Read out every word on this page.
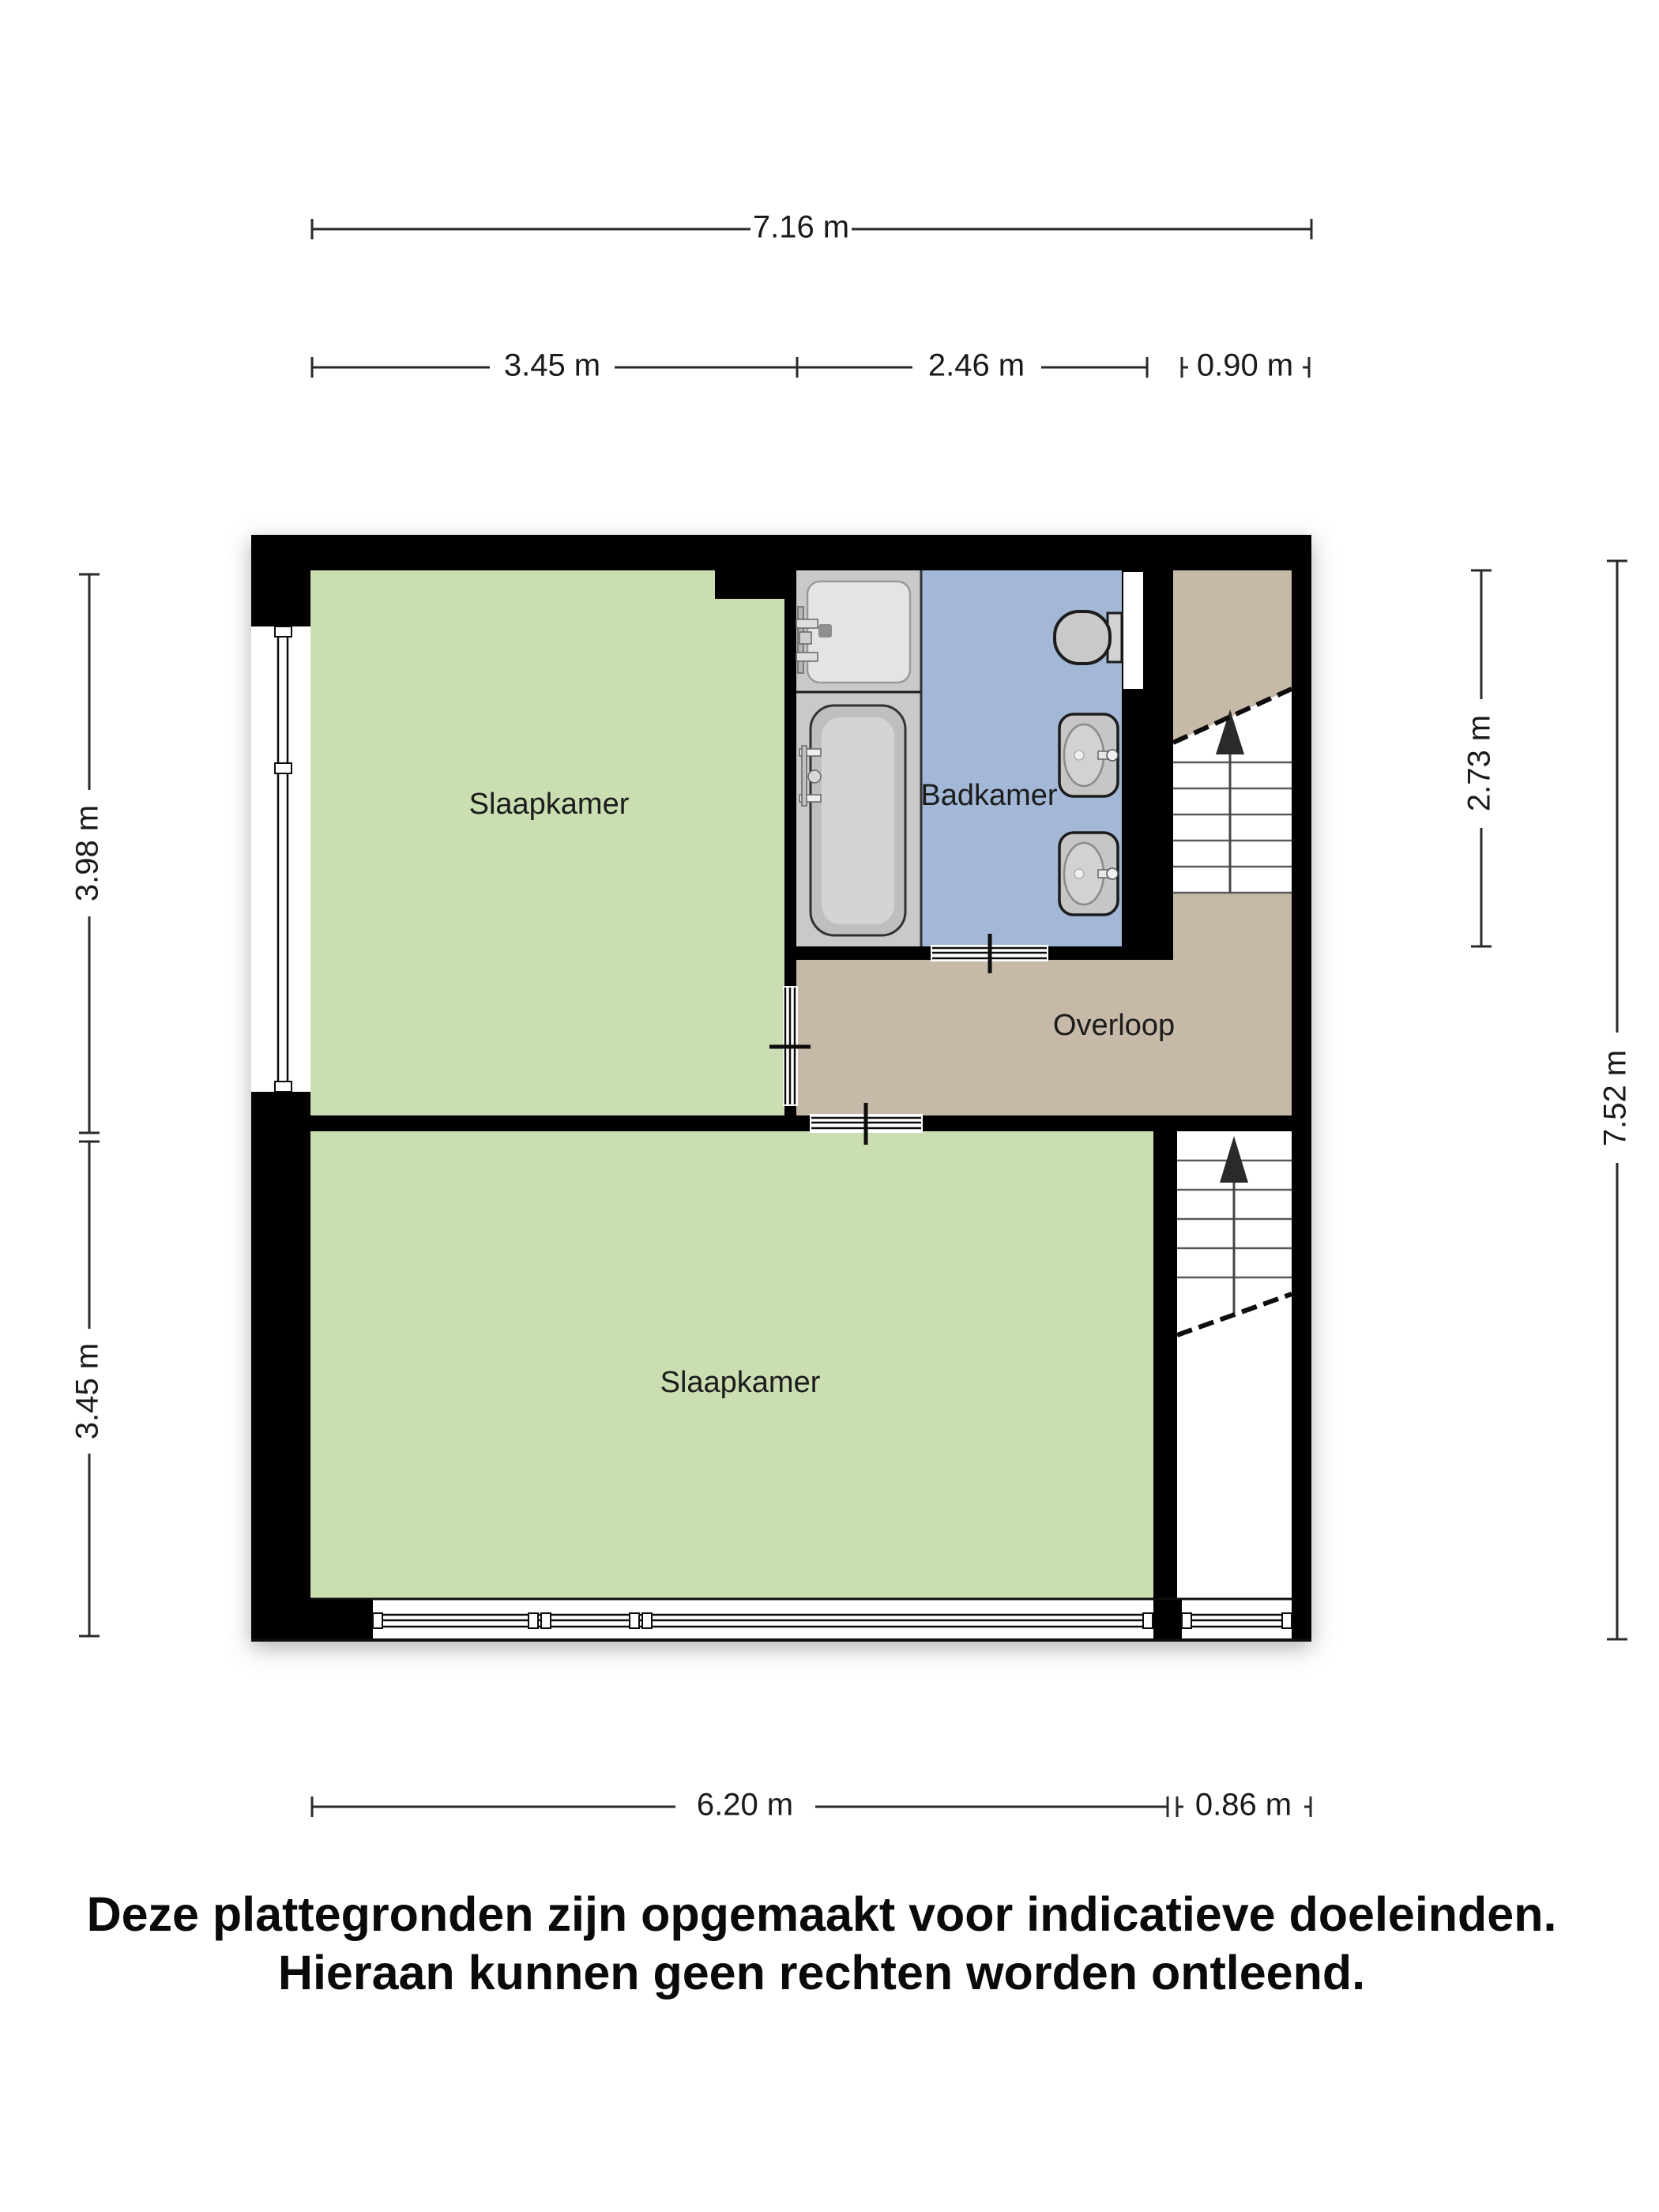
Slaapkamer	Badkamer
Overloop
Slaapkamer
7.16 m
3.45 m	2.46 m	0.90 m
3.98 m
3.45 m
2.73 m
7.52 m
6.20 m	0.86 m
Deze plattegronden zijn opgemaakt voor indicatieve doeleinden.
Hieraan kunnen geen rechten worden ontleend.
